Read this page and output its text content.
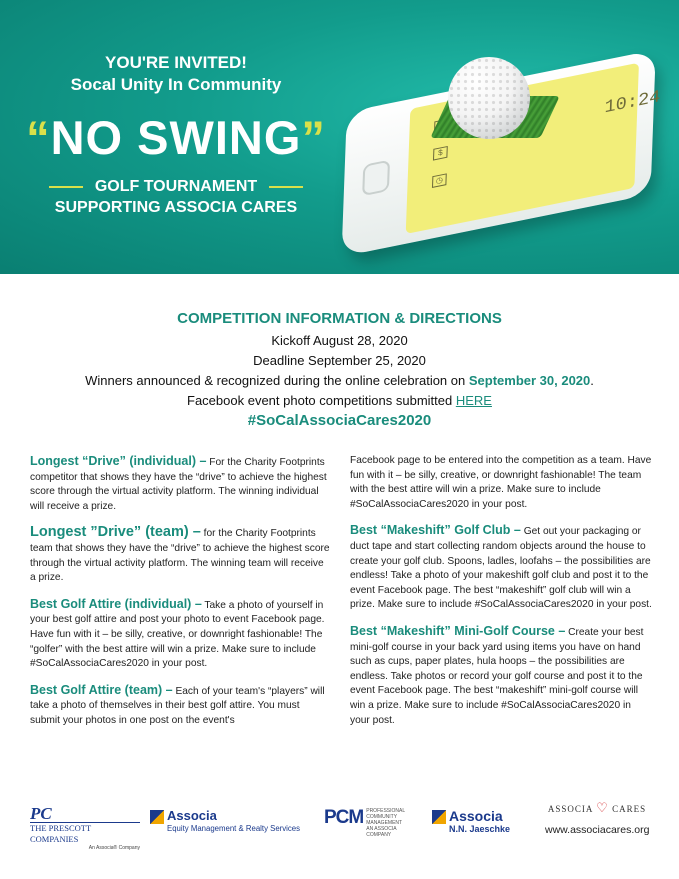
YOU'RE INVITED!
Socal Unity In Community
“NO SWING”
GOLF TOURNAMENT
SUPPORTING ASSOCIA CARES
$
◷
10:24
COMPETITION INFORMATION & DIRECTIONS
Kickoff August 28, 2020
Deadline September 25, 2020
Winners announced & recognized during the online celebration on September 30, 2020.
Facebook event photo competitions submitted HERE
#SoCalAssociaCares2020
Longest “Drive” (individual) – For the Charity Footprints competitor that shows they have the “drive” to achieve the highest score through the virtual activity platform. The winning individual will receive a prize.
Longest ”Drive” (team) – for the Charity Footprints team that shows they have the “drive” to achieve the highest score through the virtual activity platform. The winning team will receive a prize.
Best Golf Attire (individual) – Take a photo of yourself in your best golf attire and post your photo to event Facebook page. Have fun with it – be silly, creative, or downright fashionable! The “golfer” with the best attire will win a prize. Make sure to include #SoCalAssociaCares2020 in your post.
Best Golf Attire (team) – Each of your team's “players” will take a photo of themselves in their best golf attire. You must submit your photos in one post on the event's
Facebook page to be entered into the competition as a team. Have fun with it – be silly, creative, or downright fashionable! The team with the best attire will win a prize. Make sure to include #SoCalAssociaCares2020 in your post.
Best “Makeshift” Golf Club – Get out your packaging or duct tape and start collecting random objects around the house to create your golf club. Spoons, ladles, loofahs – the possibilities are endless! Take a photo of your makeshift golf club and post it to the event Facebook page. The best “makeshift” golf club will win a prize. Make sure to include #SoCalAssociaCares2020 in your post.
Best “Makeshift” Mini-Golf Course – Create your best mini-golf course in your back yard using items you have on hand such as cups, paper plates, hula hoops – the possibilities are endless. Take photos or record your golf course and post it to the event Facebook page. The best “makeshift” mini-golf course will win a prize. Make sure to include #SoCalAssociaCares2020 in your post.
PC
THE PRESCOTT COMPANIES
An Associa® Company
Associa
Equity Management & Realty Services
PCM PROFESSIONAL COMMUNITY MANAGEMENT AN ASSOCIA COMPANY
Associa
N.N. Jaeschke
ASSOCIA ♡ CARES
www.associacares.org
